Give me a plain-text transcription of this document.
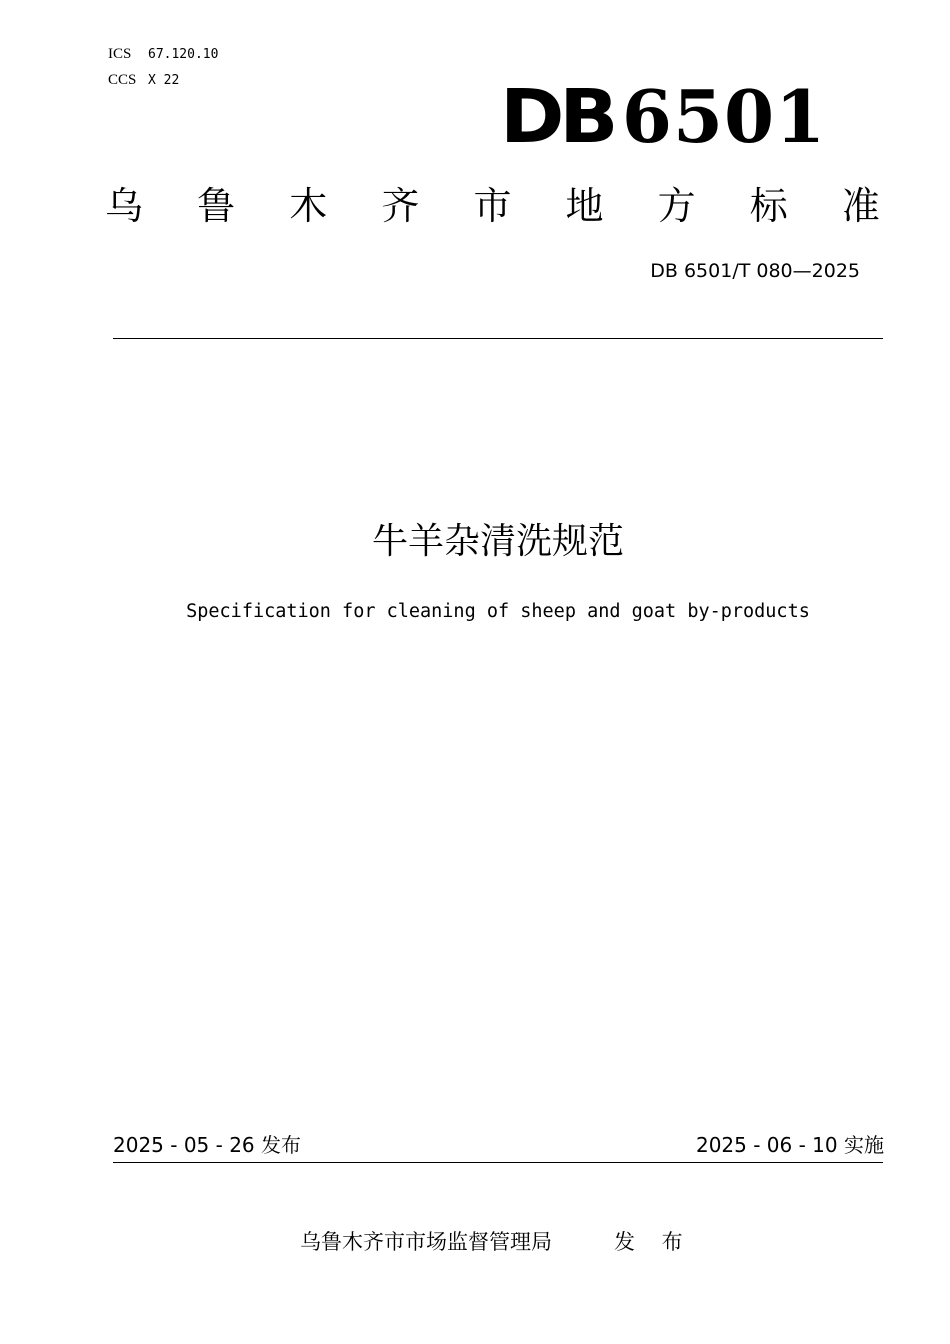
ICS 67.120.10
CCS X 22	DB 6501
乌 鲁 木 齐 市 地 方 标 准
DB 6501/T 080—2025
牛羊杂清洗规范
Specification for cleaning of sheep and goat by-products
2025 - 05 - 26 发布	2025 - 06 - 10 实施
乌鲁木齐市市场监督管理局	发 布
